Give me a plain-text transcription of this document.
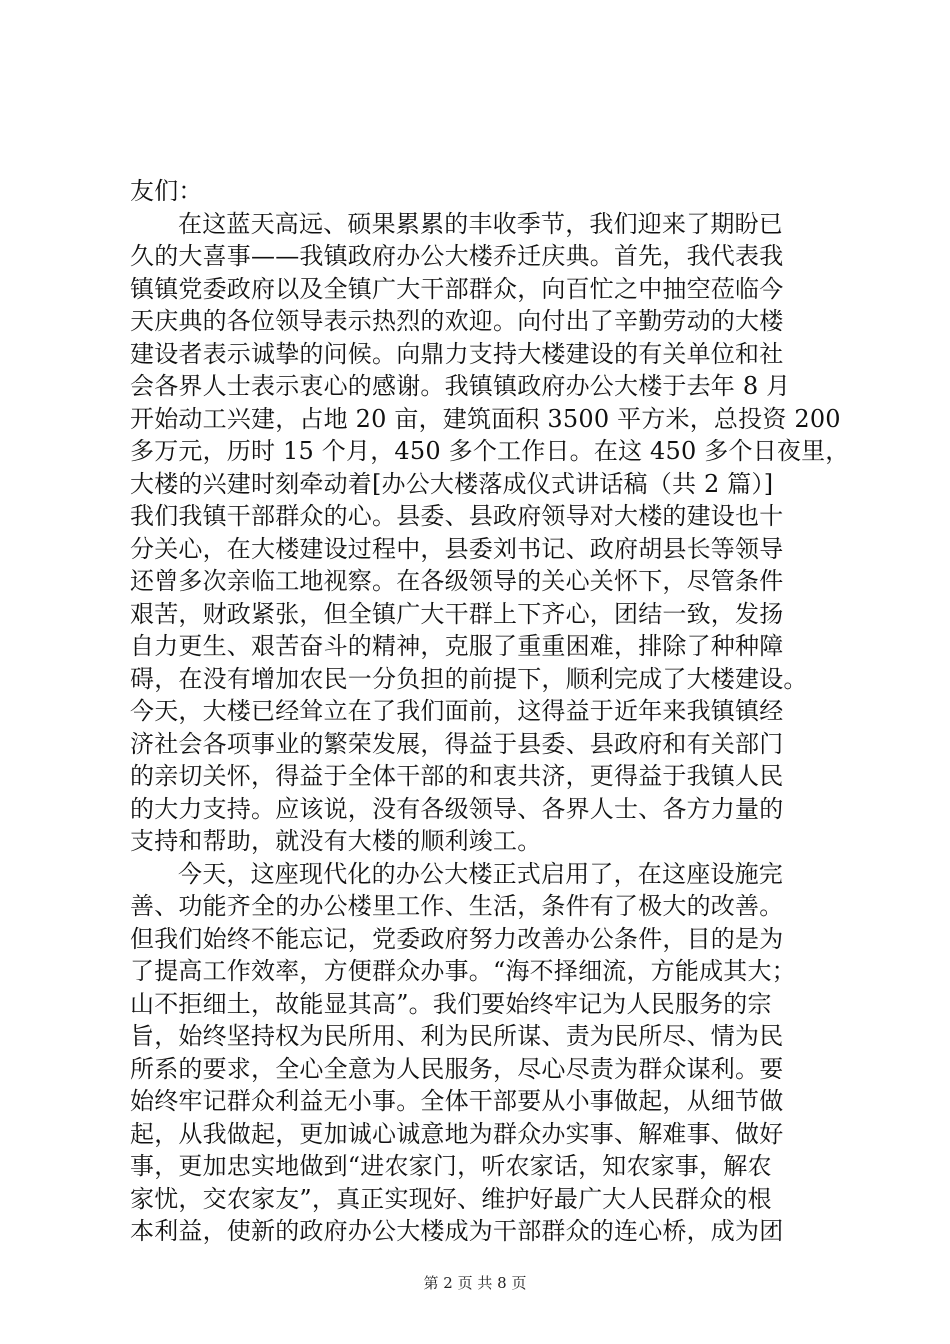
友们：
在这蓝天高远、硕果累累的丰收季节，我们迎来了期盼已
久的大喜事——我镇政府办公大楼乔迁庆典。首先，我代表我
镇镇党委政府以及全镇广大干部群众，向百忙之中抽空莅临今
天庆典的各位领导表示热烈的欢迎。向付出了辛勤劳动的大楼
建设者表示诚挚的问候。向鼎力支持大楼建设的有关单位和社
会各界人士表示衷心的感谢。我镇镇政府办公大楼于去年 8 月
开始动工兴建，占地 20 亩，建筑面积 3500 平方米，总投资 200
多万元，历时 15 个月，450 多个工作日。在这 450 多个日夜里，
大楼的兴建时刻牵动着[办公大楼落成仪式讲话稿（共 2 篇）]
我们我镇干部群众的心。县委、县政府领导对大楼的建设也十
分关心，在大楼建设过程中，县委刘书记、政府胡县长等领导
还曾多次亲临工地视察。在各级领导的关心关怀下，尽管条件
艰苦，财政紧张，但全镇广大干群上下齐心，团结一致，发扬
自力更生、艰苦奋斗的精神，克服了重重困难，排除了种种障
碍，在没有增加农民一分负担的前提下，顺利完成了大楼建设。
今天，大楼已经耸立在了我们面前，这得益于近年来我镇镇经
济社会各项事业的繁荣发展，得益于县委、县政府和有关部门
的亲切关怀，得益于全体干部的和衷共济，更得益于我镇人民
的大力支持。应该说，没有各级领导、各界人士、各方力量的
支持和帮助，就没有大楼的顺利竣工。
今天，这座现代化的办公大楼正式启用了，在这座设施完
善、功能齐全的办公楼里工作、生活，条件有了极大的改善。
但我们始终不能忘记，党委政府努力改善办公条件，目的是为
了提高工作效率，方便群众办事。“海不择细流，方能成其大；
山不拒细土，故能显其高”。我们要始终牢记为人民服务的宗
旨，始终坚持权为民所用、利为民所谋、责为民所尽、情为民
所系的要求，全心全意为人民服务，尽心尽责为群众谋利。要
始终牢记群众利益无小事。全体干部要从小事做起，从细节做
起，从我做起，更加诚心诚意地为群众办实事、解难事、做好
事，更加忠实地做到“进农家门，听农家话，知农家事，解农
家忧，交农家友”，真正实现好、维护好最广大人民群众的根
本利益，使新的政府办公大楼成为干部群众的连心桥，成为团
第 2 页 共 8 页
